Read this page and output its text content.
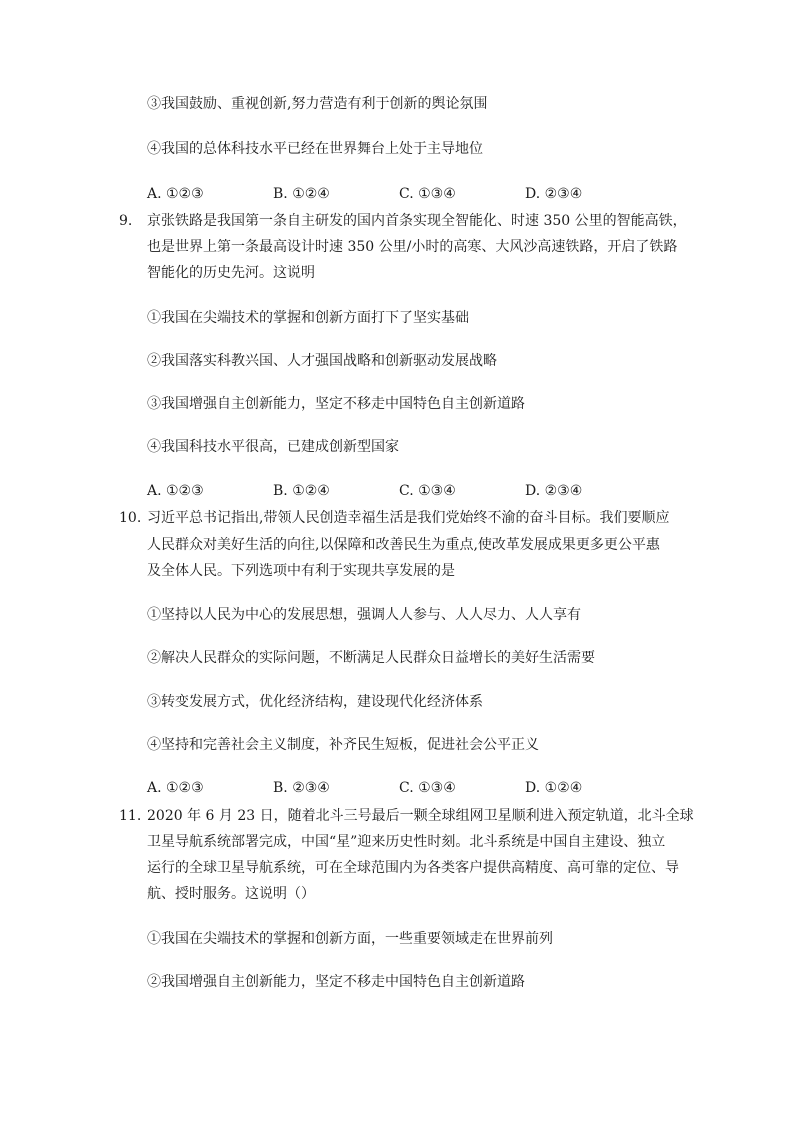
③我国鼓励、重视创新,努力营造有利于创新的舆论氛围
④我国的总体科技水平已经在世界舞台上处于主导地位
A. ①②③	B. ①②④	C. ①③④	D. ②③④
9. 京张铁路是我国第一条自主研发的国内首条实现全智能化、时速 350 公里的智能高铁，
也是世界上第一条最高设计时速 350 公里/小时的高寒、大风沙高速铁路，开启了铁路
智能化的历史先河。这说明
①我国在尖端技术的掌握和创新方面打下了坚实基础
②我国落实科教兴国、人才强国战略和创新驱动发展战略
③我国增强自主创新能力，坚定不移走中国特色自主创新道路
④我国科技水平很高，已建成创新型国家
A. ①②③	B. ①②④	C. ①③④	D. ②③④
10. 习近平总书记指出,带领人民创造幸福生活是我们党始终不渝的奋斗目标。我们要顺应
人民群众对美好生活的向往,以保障和改善民生为重点,使改革发展成果更多更公平惠
及全体人民。下列选项中有利于实现共享发展的是
①坚持以人民为中心的发展思想，强调人人参与、人人尽力、人人享有
②解决人民群众的实际问题，不断满足人民群众日益增长的美好生活需要
③转变发展方式，优化经济结构，建设现代化经济体系
④坚持和完善社会主义制度，补齐民生短板，促进社会公平正义
A. ①②③	B. ②③④	C. ①③④	D. ①②④
11. 2020 年 6 月 23 日，随着北斗三号最后一颗全球组网卫星顺利进入预定轨道，北斗全球
卫星导航系统部署完成，中国“星”迎来历史性时刻。北斗系统是中国自主建设、独立
运行的全球卫星导航系统，可在全球范围内为各类客户提供高精度、高可靠的定位、导
航、授时服务。这说明（）
①我国在尖端技术的掌握和创新方面，一些重要领域走在世界前列
②我国增强自主创新能力，坚定不移走中国特色自主创新道路
